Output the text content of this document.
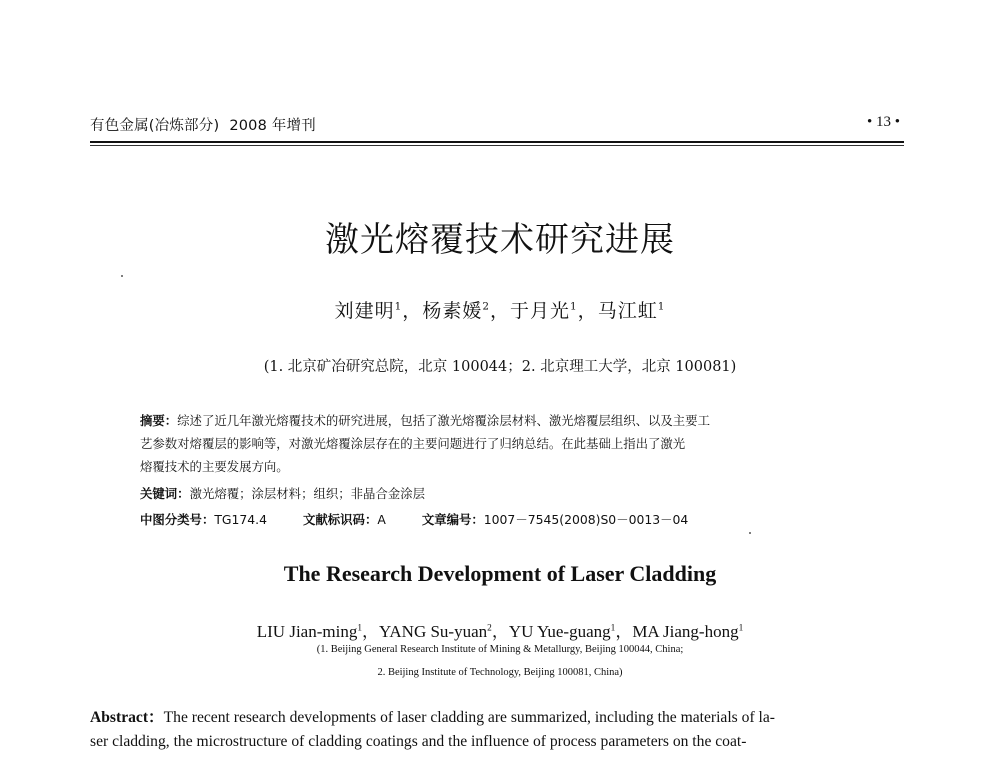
有色金属(冶炼部分) 2008 年增刊	• 13 •
激光熔覆技术研究进展
刘建明$^1$，杨素媛$^2$，于月光$^1$，马江虹$^1$
(1. 北京矿冶研究总院，北京 100044；2. 北京理工大学，北京 100081)
摘要：综述了近几年激光熔覆技术的研究进展，包括了激光熔覆涂层材料、激光熔覆层组织、以及主要工
艺参数对熔覆层的影响等，对激光熔覆涂层存在的主要问题进行了归纳总结。在此基础上指出了激光
熔覆技术的主要发展方向。
关键词：激光熔覆；涂层材料；组织；非晶合金涂层
中图分类号：TG174.4	文献标识码：A	文章编号：1007－7545(2008)S0－0013－04
The Research Development of Laser Cladding
LIU Jian-ming$^1$，YANG Su-yuan$^2$，YU Yue-guang$^1$，MA Jiang-hong$^1$
(1. Beijing General Research Institute of Mining & Metallurgy, Beijing 100044, China;
2. Beijing Institute of Technology, Beijing 100081, China)
Abstract：The recent research developments of laser cladding are summarized, including the materials of la-
ser cladding, the microstructure of cladding coatings and the influence of process parameters on the coat-
